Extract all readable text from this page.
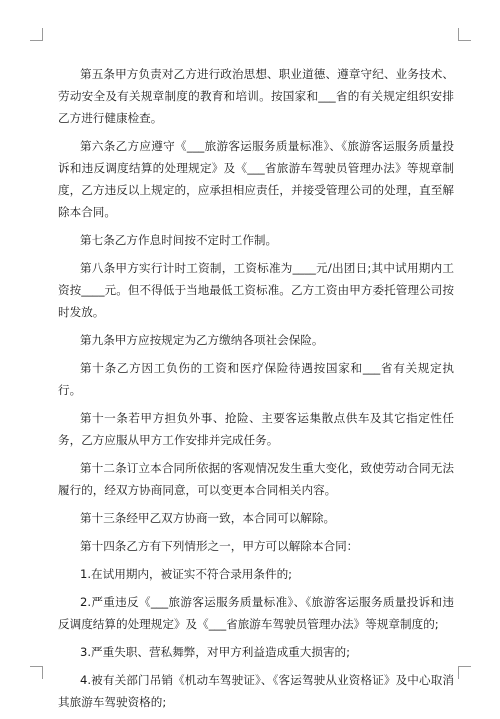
第五条甲方负责对乙方进行政治思想、职业道德、遵章守纪、业务技术、劳动安全及有关规章制度的教育和培训。按国家和___省的有关规定组织安排乙方进行健康检查。

第六条乙方应遵守《___旅游客运服务质量标准》、《旅游客运服务质量投诉和违反调度结算的处理规定》及《___省旅游车驾驶员管理办法》等规章制度，乙方违反以上规定的，应承担相应责任，并接受管理公司的处理，直至解除本合同。

第七条乙方作息时间按不定时工作制。

第八条甲方实行计时工资制，工资标准为____元/出团日;其中试用期内工资按____元。但不得低于当地最低工资标准。乙方工资由甲方委托管理公司按时发放。

第九条甲方应按规定为乙方缴纳各项社会保险。

第十条乙方因工负伤的工资和医疗保险待遇按国家和___省有关规定执行。

第十一条若甲方担负外事、抢险、主要客运集散点供车及其它指定性任务，乙方应服从甲方工作安排并完成任务。

第十二条订立本合同所依据的客观情况发生重大变化，致使劳动合同无法履行的，经双方协商同意，可以变更本合同相关内容。

第十三条经甲乙双方协商一致，本合同可以解除。

第十四条乙方有下列情形之一，甲方可以解除本合同：

1.在试用期内，被证实不符合录用条件的;

2.严重违反《___旅游客运服务质量标准》、《旅游客运服务质量投诉和违反调度结算的处理规定》及《___省旅游车驾驶员管理办法》等规章制度的;

3.严重失职、营私舞弊，对甲方利益造成重大损害的;

4.被有关部门吊销《机动车驾驶证》、《客运驾驶从业资格证》及中心取消其旅游车驾驶资格的;
